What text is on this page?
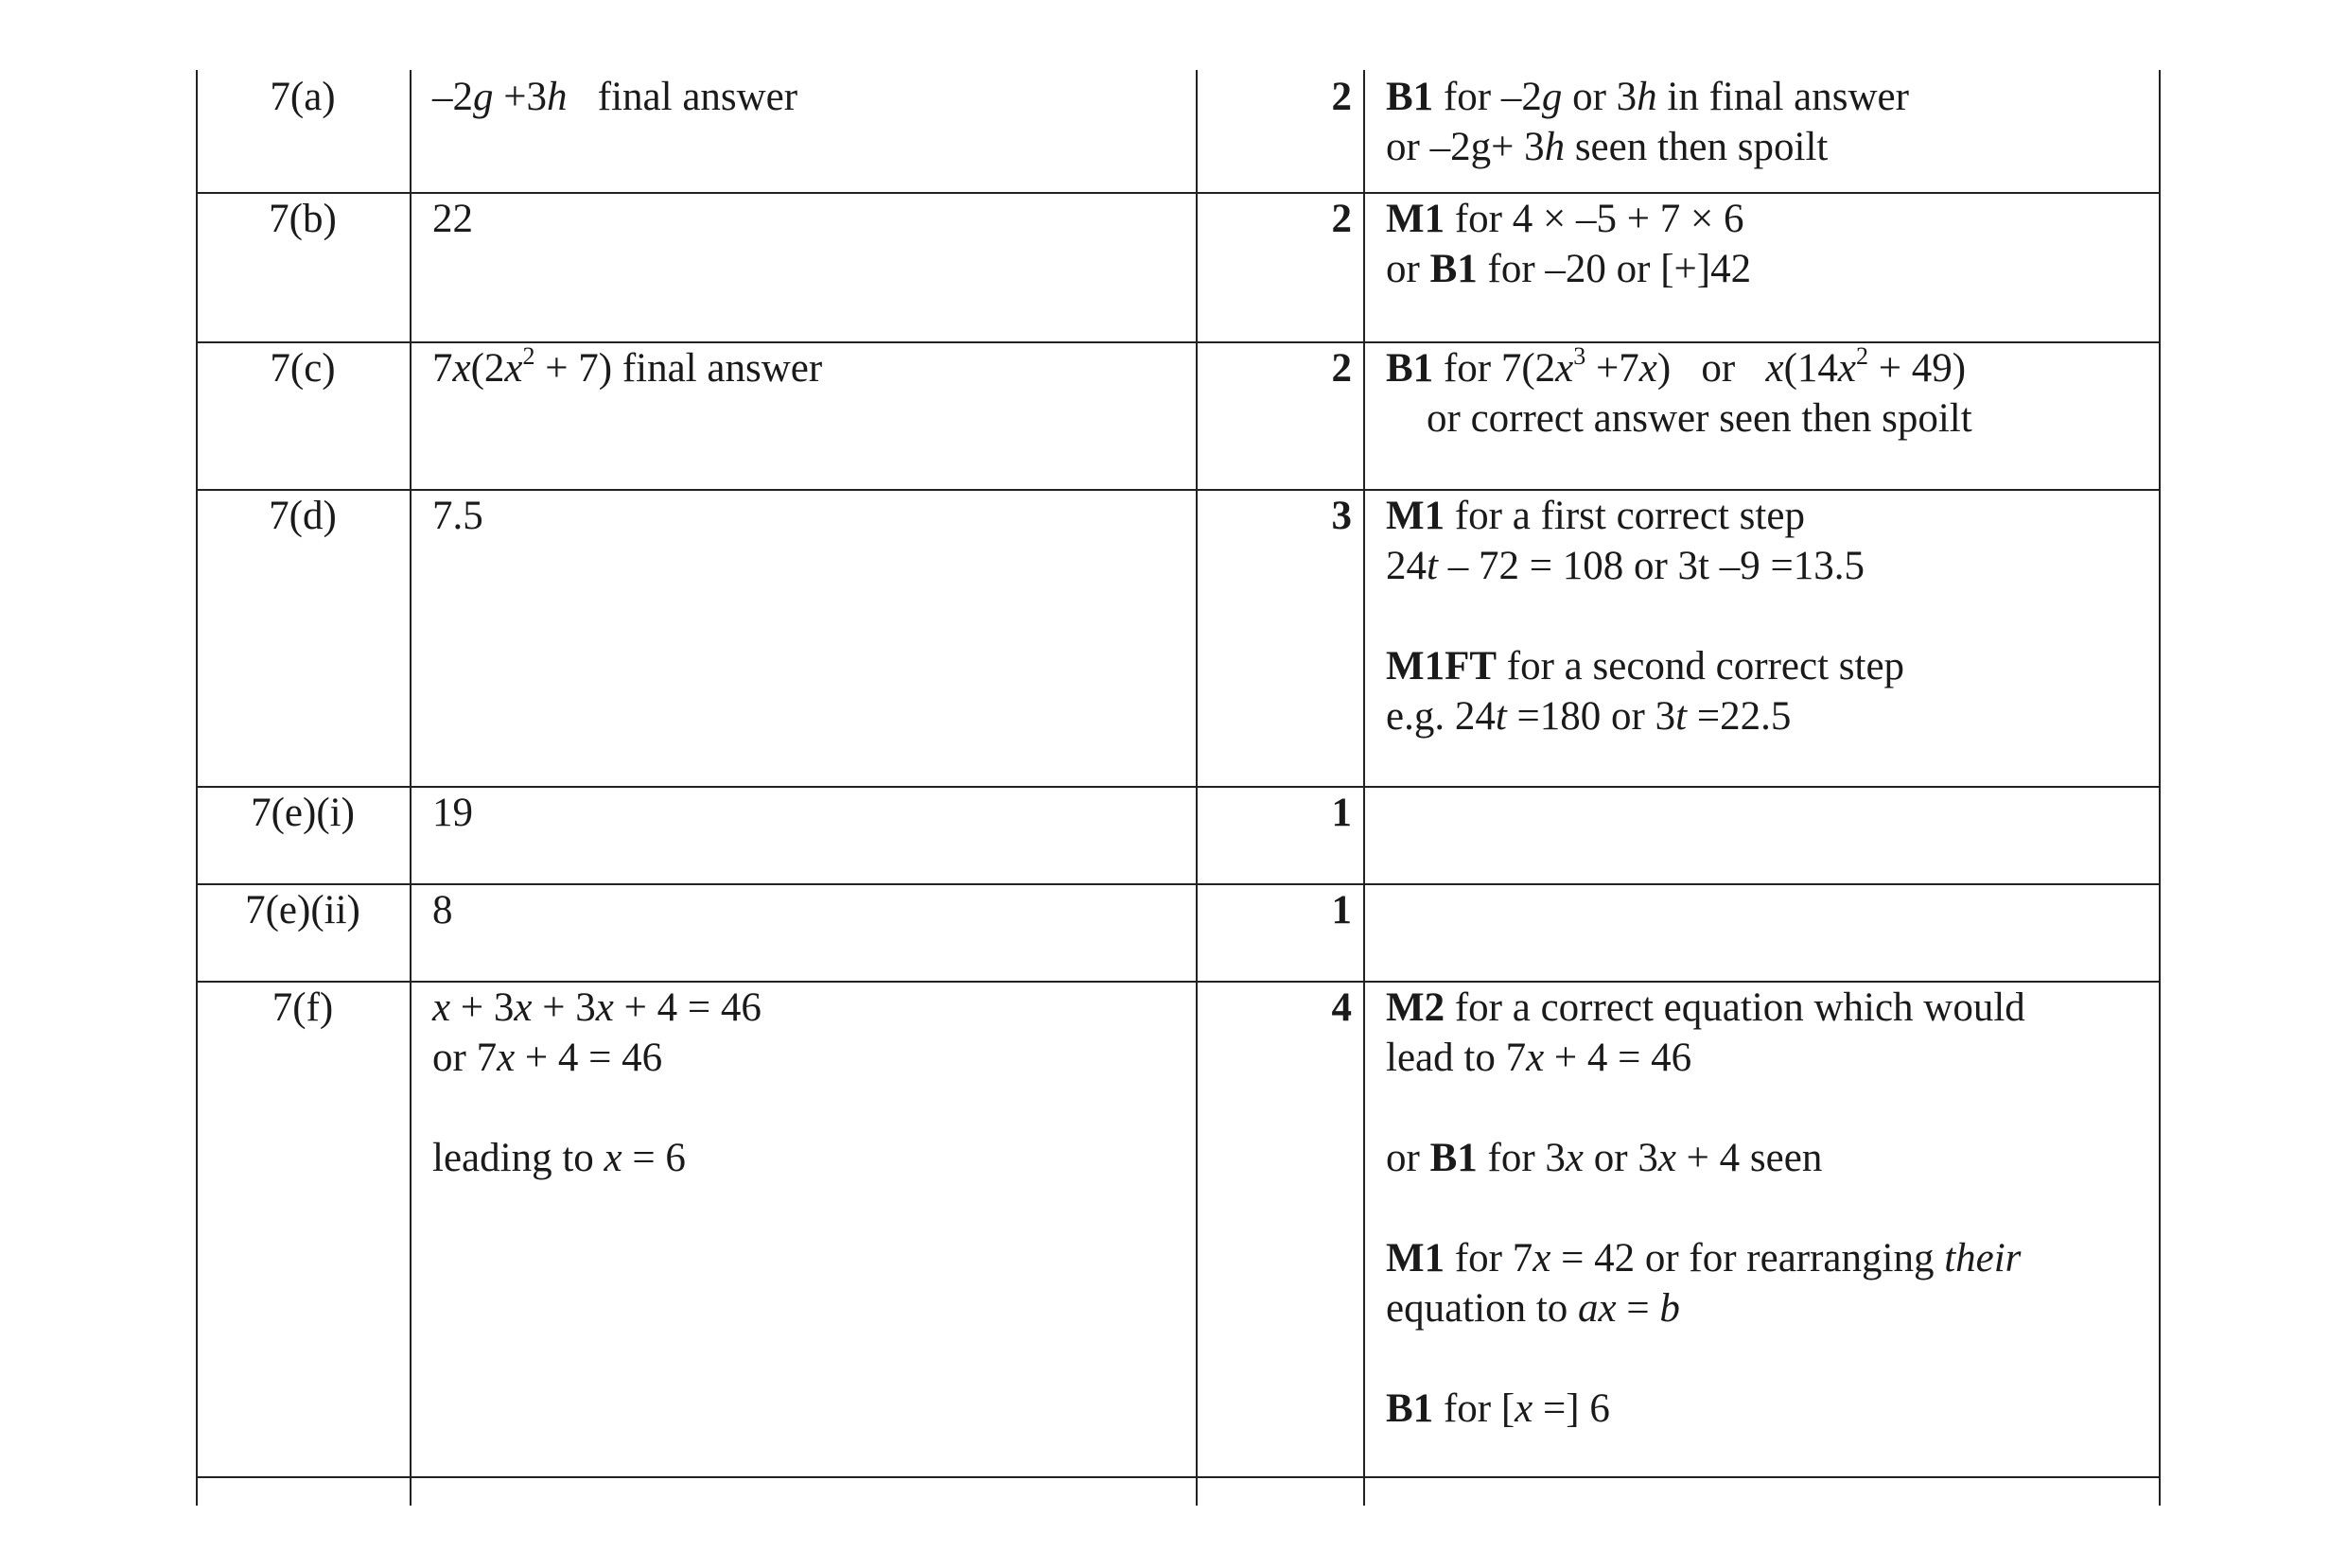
7(a)	–2g +3h   final answer	2 B1 for –2g or 3h in final answer
or –2g+ 3h seen then spoilt
7(b)	22	2 M1 for 4 × –5 + 7 × 6
or B1 for –20 or [+]42
7(c)	$7x(2x^2 + 7)$ final answer	2 B1 for $7(2x^3 +7x)$   or   $x(14x^2 + 49)$
or correct answer seen then spoilt
7(d)	7.5	3 M1 for a first correct step
24t – 72 = 108 or 3t –9 =13.5
M1FT for a second correct step
e.g. 24t =180 or 3t =22.5
7(e)(i)	19	1
7(e)(ii)	8	1
7(f)	x + 3x + 3x + 4 = 46
or 7x + 4 = 46
leading to x = 6
4 M2 for a correct equation which would
lead to 7x + 4 = 46
or B1 for 3x or 3x + 4 seen
M1 for 7x = 42 or for rearranging their
equation to ax = b
B1 for [x =] 6
